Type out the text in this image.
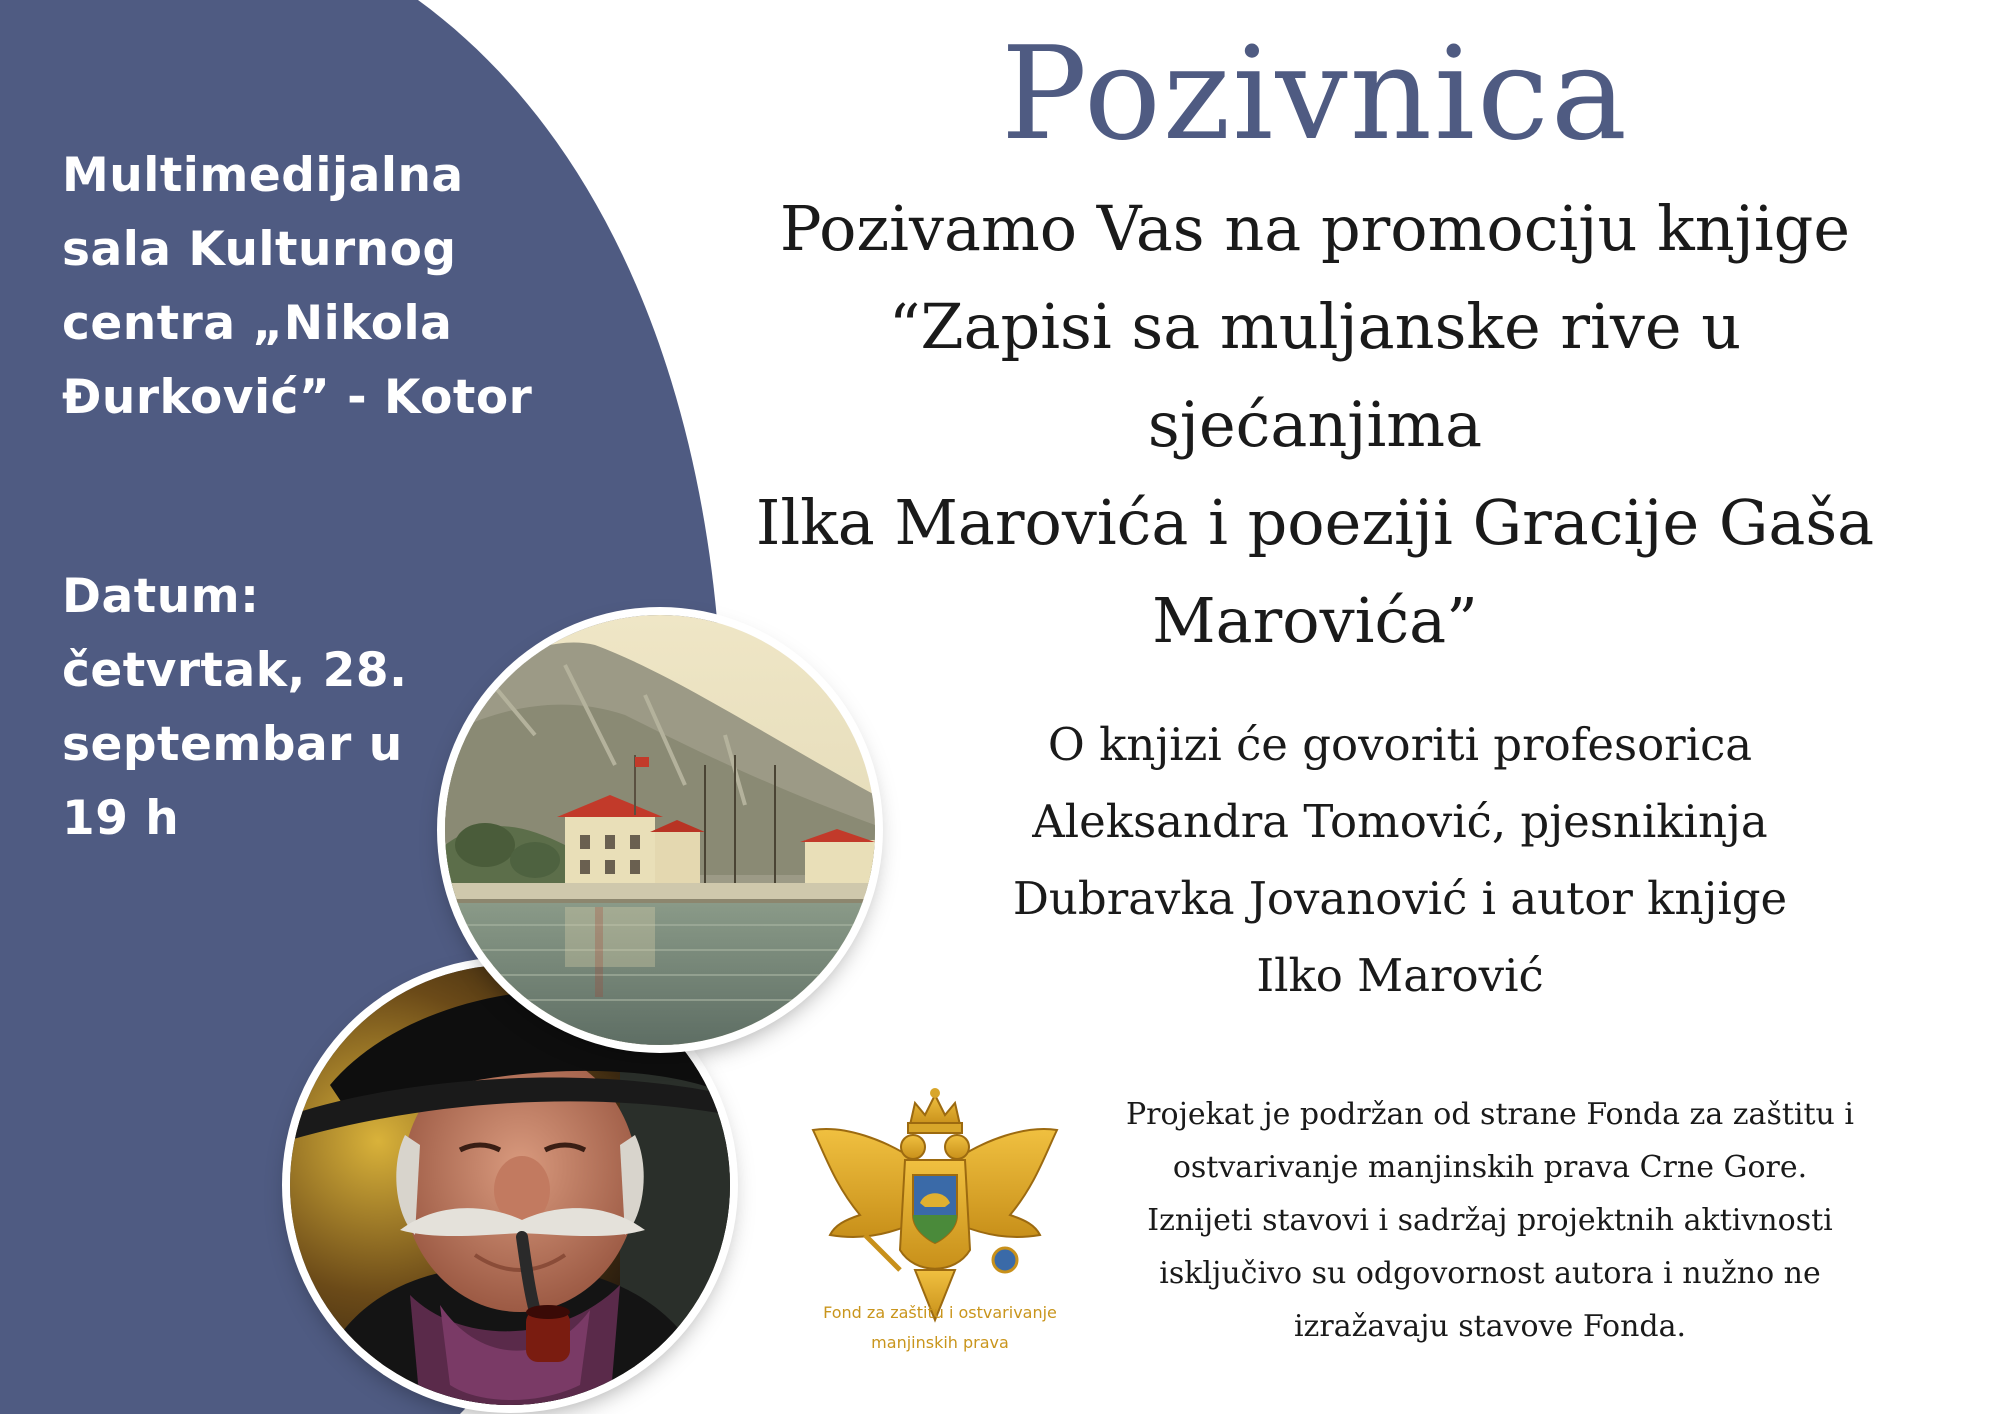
Multimedijalna
sala Kulturnog
centra „Nikola
Đurković” - Kotor
Datum:
četvrtak, 28.
septembar u
19 h
Pozivnica
Pozivamo Vas na promociju knjige
“Zapisi sa muljanske rive u
sjećanjima
Ilka Marovića i poeziji Gracije Gaša
Marovića”
O knjizi će govoriti profesorica
Aleksandra Tomović, pjesnikinja
Dubravka Jovanović i autor knjige
Ilko Marović
Fond za zaštitu i ostvarivanje
manjinskih prava
Projekat je podržan od strane Fonda za zaštitu i
ostvarivanje manjinskih prava Crne Gore.
Iznijeti stavovi i sadržaj projektnih aktivnosti
isključivo su odgovornost autora i nužno ne
izražavaju stavove Fonda.
